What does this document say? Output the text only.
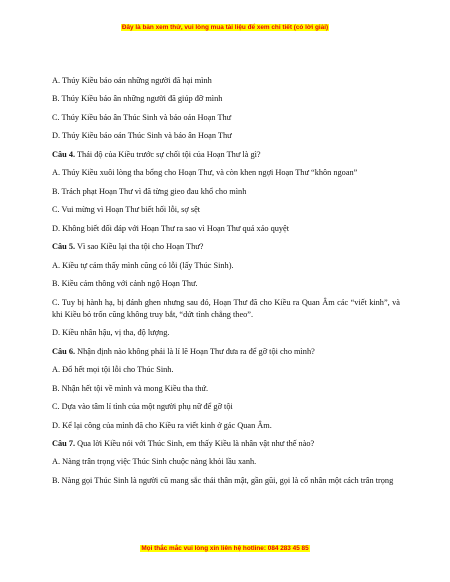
Đây là bản xem thử, vui lòng mua tài liệu để xem chi tiết (có lời giải)

A. Thúy Kiều báo oán những người đã hại mình

B. Thúy Kiều báo ân những người đã giúp đỡ mình

C. Thúy Kiều báo ân Thúc Sinh và báo oán Hoạn Thư

D. Thúy Kiều báo oán Thúc Sinh và báo ân Hoạn Thư

Câu 4. Thái độ của Kiều trước sự chối tội của Hoạn Thư là gì?

A. Thúy Kiều xuôi lòng tha bổng cho Hoạn Thư, và còn khen ngợi Hoạn Thư “khôn ngoan”

B. Trách phạt Hoạn Thư vì đã từng gieo đau khổ cho mình

C. Vui mừng vì Hoạn Thư biết hối lỗi, sợ sệt

D. Không biết đối đáp với Hoạn Thư ra sao vì Hoạn Thư quá xảo quyệt

Câu 5. Vì sao Kiều lại tha tội cho Hoạn Thư?

A. Kiều tự cảm thấy mình cũng có lỗi (lấy Thúc Sinh).

B. Kiều cảm thông với cảnh ngộ Hoạn Thư.

C. Tuy bị hành hạ, bị đánh ghen nhưng sau đó, Hoạn Thư đã cho Kiều ra Quan Âm các “viết kinh”, và khi Kiều bỏ trốn cũng không truy bắt, “dứt tình chẳng theo”.

D. Kiều nhân hậu, vị tha, độ lượng.

Câu 6. Nhận định nào không phải là lí lẽ Hoạn Thư đưa ra để gỡ tội cho mình?

A. Đổ hết mọi tội lỗi cho Thúc Sinh.

B. Nhận hết tội về mình và mong Kiều tha thứ.

C. Dựa vào tâm lí tình của một người phụ nữ để gỡ tội

D. Kể lại công của mình đã cho Kiều ra viết kinh ở gác Quan Âm.

Câu 7. Qua lời Kiều nói với Thúc Sinh, em thấy Kiều là nhân vật như thế nào?

A. Nàng trân trọng việc Thúc Sinh chuộc nàng khỏi lầu xanh.

B. Nàng gọi Thúc Sinh là người cũ mang sắc thái thân mật, gần gũi, gọi là cố nhân một cách trân trọng

Mọi thắc mắc vui lòng xin liên hệ hotline: 084 283 45 85
